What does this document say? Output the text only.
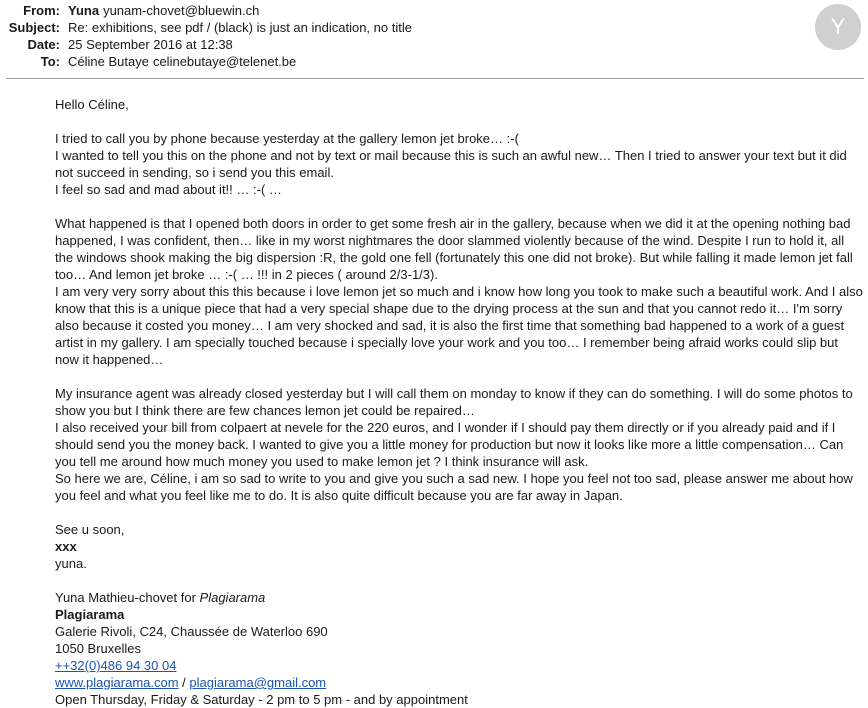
From: Yuna yunam-chovet@bluewin.ch
Subject: Re: exhibitions, see pdf / (black) is just an indication, no title
Date: 25 September 2016 at 12:38
To: Céline Butaye celinebutaye@telenet.be
Y

Hello Céline,

I tried to call you by phone because yesterday at the gallery lemon jet broke… :-(

I wanted to tell you this on the phone and not by text or mail because this is such an awful new… Then I tried to answer your text but it did not succeed in sending, so i send you this email.

I feel so sad and mad about it!! … :-( …

What happened is that I opened both doors in order to get some fresh air in the gallery, because when we did it at the opening nothing bad happened, I was confident, then… like in my worst nightmares the door slammed violently because of the wind. Despite I run to hold it, all the windows shook making the big dispersion :R, the gold one fell (fortunately this one did not broke). But while falling it made lemon jet fall too… And lemon jet broke … :-( … !!! in 2 pieces ( around 2/3-1/3).

I am very very sorry about this this because i love lemon jet so much and i know how long you took to make such a beautiful work. And I also know that this is a unique piece that had a very special shape due to the drying process at the sun and that you cannot redo it… I'm sorry also because it costed you money… I am very shocked and sad, it is also the first time that something bad happened to a work of a guest artist in my gallery. I am specially touched because i specially love your work and you too… I remember being afraid works could slip but now it happened…

My insurance agent was already closed yesterday but I will call them on monday to know if they can do something. I will do some photos to show you but I think there are few chances lemon jet could be repaired…

I also received your bill from colpaert at nevele for the 220 euros, and I wonder if I should pay them directly or if you already paid and if I should send you the money back. I wanted to give you a little money for production but now it looks like more a little compensation… Can you tell me around how much money you used to make lemon jet ? I think insurance will ask.

So here we are, Céline, i am so sad to write to you and give you such a sad new. I hope you feel not too sad, please answer me about how you feel and what you feel like me to do. It is also quite difficult because you are far away in Japan.

See u soon,

xxx

yuna.

Yuna Mathieu-chovet for Plagiarama

Plagiarama

Galerie Rivoli, C24, Chaussée de Waterloo 690

1050 Bruxelles

++32(0)486 94 30 04

www.plagiarama.com / plagiarama@gmail.com

Open Thursday, Friday & Saturday - 2 pm to 5 pm - and by appointment
